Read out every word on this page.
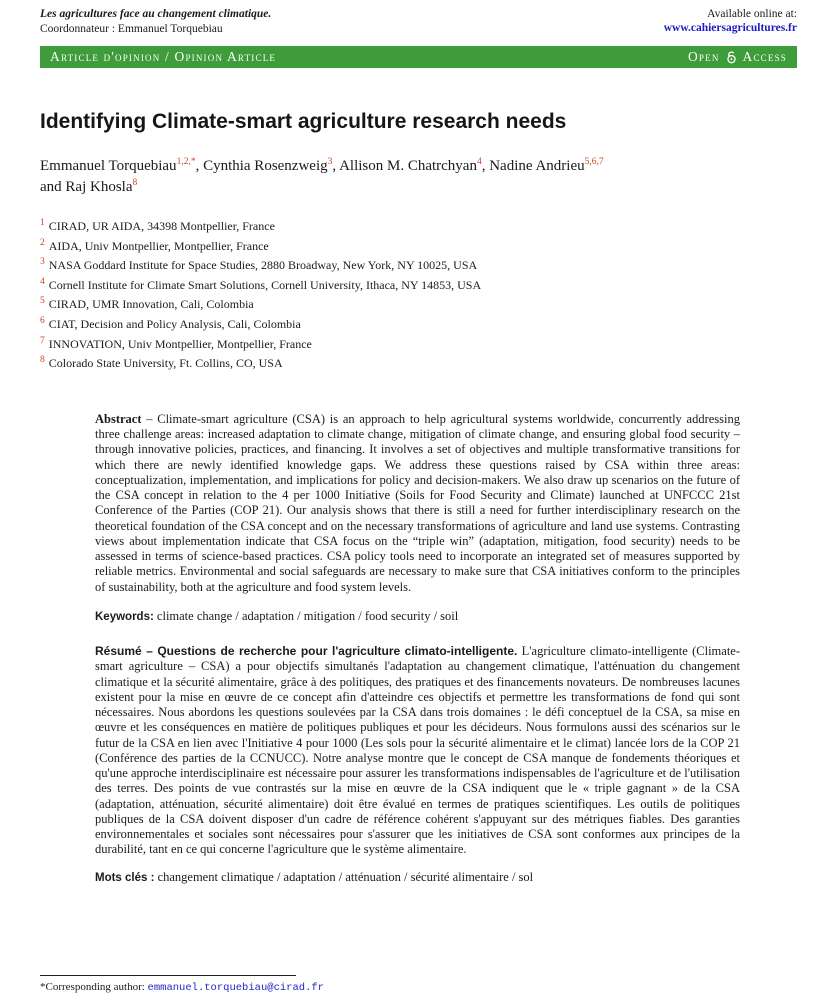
Les agricultures face au changement climatique.
Coordonnateur : Emmanuel Torquebiau
Available online at:
www.cahiersagricultures.fr
Article d'opinion / Opinion Article	Open Access
Identifying Climate-smart agriculture research needs
Emmanuel Torquebiau$^{1,2,*}$, Cynthia Rosenzweig$^3$, Allison M. Chatrchyan$^4$, Nadine Andrieu$^{5,6,7}$
and Raj Khosla$^8$
$^1$ CIRAD, UR AIDA, 34398 Montpellier, France
$^2$ AIDA, Univ Montpellier, Montpellier, France
$^3$ NASA Goddard Institute for Space Studies, 2880 Broadway, New York, NY 10025, USA
$^4$ Cornell Institute for Climate Smart Solutions, Cornell University, Ithaca, NY 14853, USA
$^5$ CIRAD, UMR Innovation, Cali, Colombia
$^6$ CIAT, Decision and Policy Analysis, Cali, Colombia
$^7$ INNOVATION, Univ Montpellier, Montpellier, France
$^8$ Colorado State University, Ft. Collins, CO, USA
Abstract – Climate-smart agriculture (CSA) is an approach to help agricultural systems worldwide, concurrently addressing three challenge areas: increased adaptation to climate change, mitigation of climate change, and ensuring global food security – through innovative policies, practices, and financing. It involves a set of objectives and multiple transformative transitions for which there are newly identified knowledge gaps. We address these questions raised by CSA within three areas: conceptualization, implementation, and implications for policy and decision-makers. We also draw up scenarios on the future of the CSA concept in relation to the 4 per 1000 Initiative (Soils for Food Security and Climate) launched at UNFCCC 21st Conference of the Parties (COP 21). Our analysis shows that there is still a need for further interdisciplinary research on the theoretical foundation of the CSA concept and on the necessary transformations of agriculture and land use systems. Contrasting views about implementation indicate that CSA focus on the “triple win” (adaptation, mitigation, food security) needs to be assessed in terms of science-based practices. CSA policy tools need to incorporate an integrated set of measures supported by reliable metrics. Environmental and social safeguards are necessary to make sure that CSA initiatives conform to the principles of sustainability, both at the agriculture and food system levels.
Keywords: climate change / adaptation / mitigation / food security / soil
Résumé – Questions de recherche pour l'agriculture climato-intelligente. L'agriculture climato-intelligente (Climate-smart agriculture – CSA) a pour objectifs simultanés l'adaptation au changement climatique, l'atténuation du changement climatique et la sécurité alimentaire, grâce à des politiques, des pratiques et des financements novateurs. De nombreuses lacunes existent pour la mise en œuvre de ce concept afin d'atteindre ces objectifs et permettre les transformations de fond qui sont nécessaires. Nous abordons les questions soulevées par la CSA dans trois domaines : le défi conceptuel de la CSA, sa mise en œuvre et les conséquences en matière de politiques publiques et pour les décideurs. Nous formulons aussi des scénarios sur le futur de la CSA en lien avec l'Initiative 4 pour 1000 (Les sols pour la sécurité alimentaire et le climat) lancée lors de la COP 21 (Conférence des parties de la CCNUCC). Notre analyse montre que le concept de CSA manque de fondements théoriques et qu'une approche interdisciplinaire est nécessaire pour assurer les transformations indispensables de l'agriculture et de l'utilisation des terres. Des points de vue contrastés sur la mise en œuvre de la CSA indiquent que le « triple gagnant » de la CSA (adaptation, atténuation, sécurité alimentaire) doit être évalué en termes de pratiques scientifiques. Les outils de politiques publiques de la CSA doivent disposer d'un cadre de référence cohérent s'appuyant sur des métriques fiables. Des garanties environnementales et sociales sont nécessaires pour s'assurer que les initiatives de CSA sont conformes aux principes de la durabilité, tant en ce qui concerne l'agriculture que le système alimentaire.
Mots clés : changement climatique / adaptation / atténuation / sécurité alimentaire / sol
*Corresponding author: emmanuel.torquebiau@cirad.fr
